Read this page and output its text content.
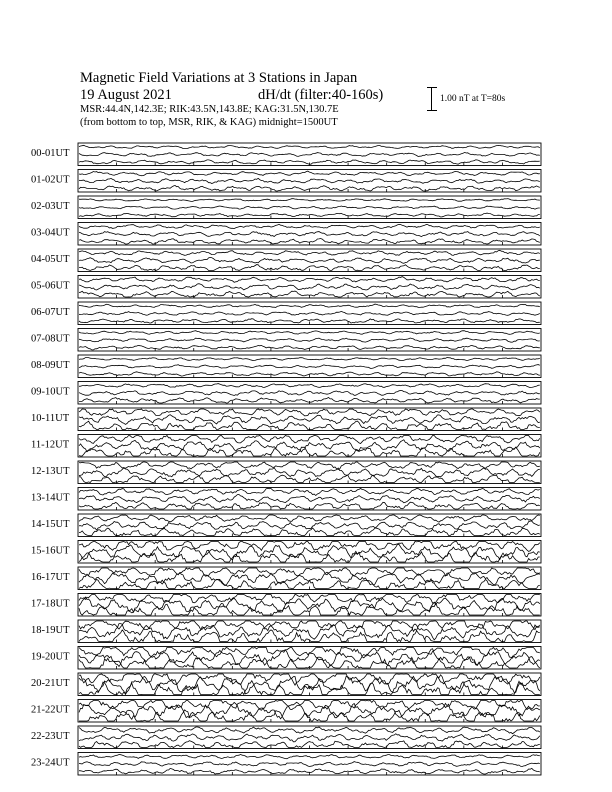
Magnetic Field Variations at 3 Stations in Japan
19 August 2021	dH/dt (filter:40-160s)
MSR:44.4N,142.3E; RIK:43.5N,143.8E; KAG:31.5N,130.7E
(from bottom to top, MSR, RIK, & KAG) midnight=1500UT
1.00 nT at T=80s
00-01UT
01-02UT
02-03UT
03-04UT
04-05UT
05-06UT
06-07UT
07-08UT
08-09UT
09-10UT
10-11UT
11-12UT
12-13UT
13-14UT
14-15UT
15-16UT
16-17UT
17-18UT
18-19UT
19-20UT
20-21UT
21-22UT
22-23UT
23-24UT
